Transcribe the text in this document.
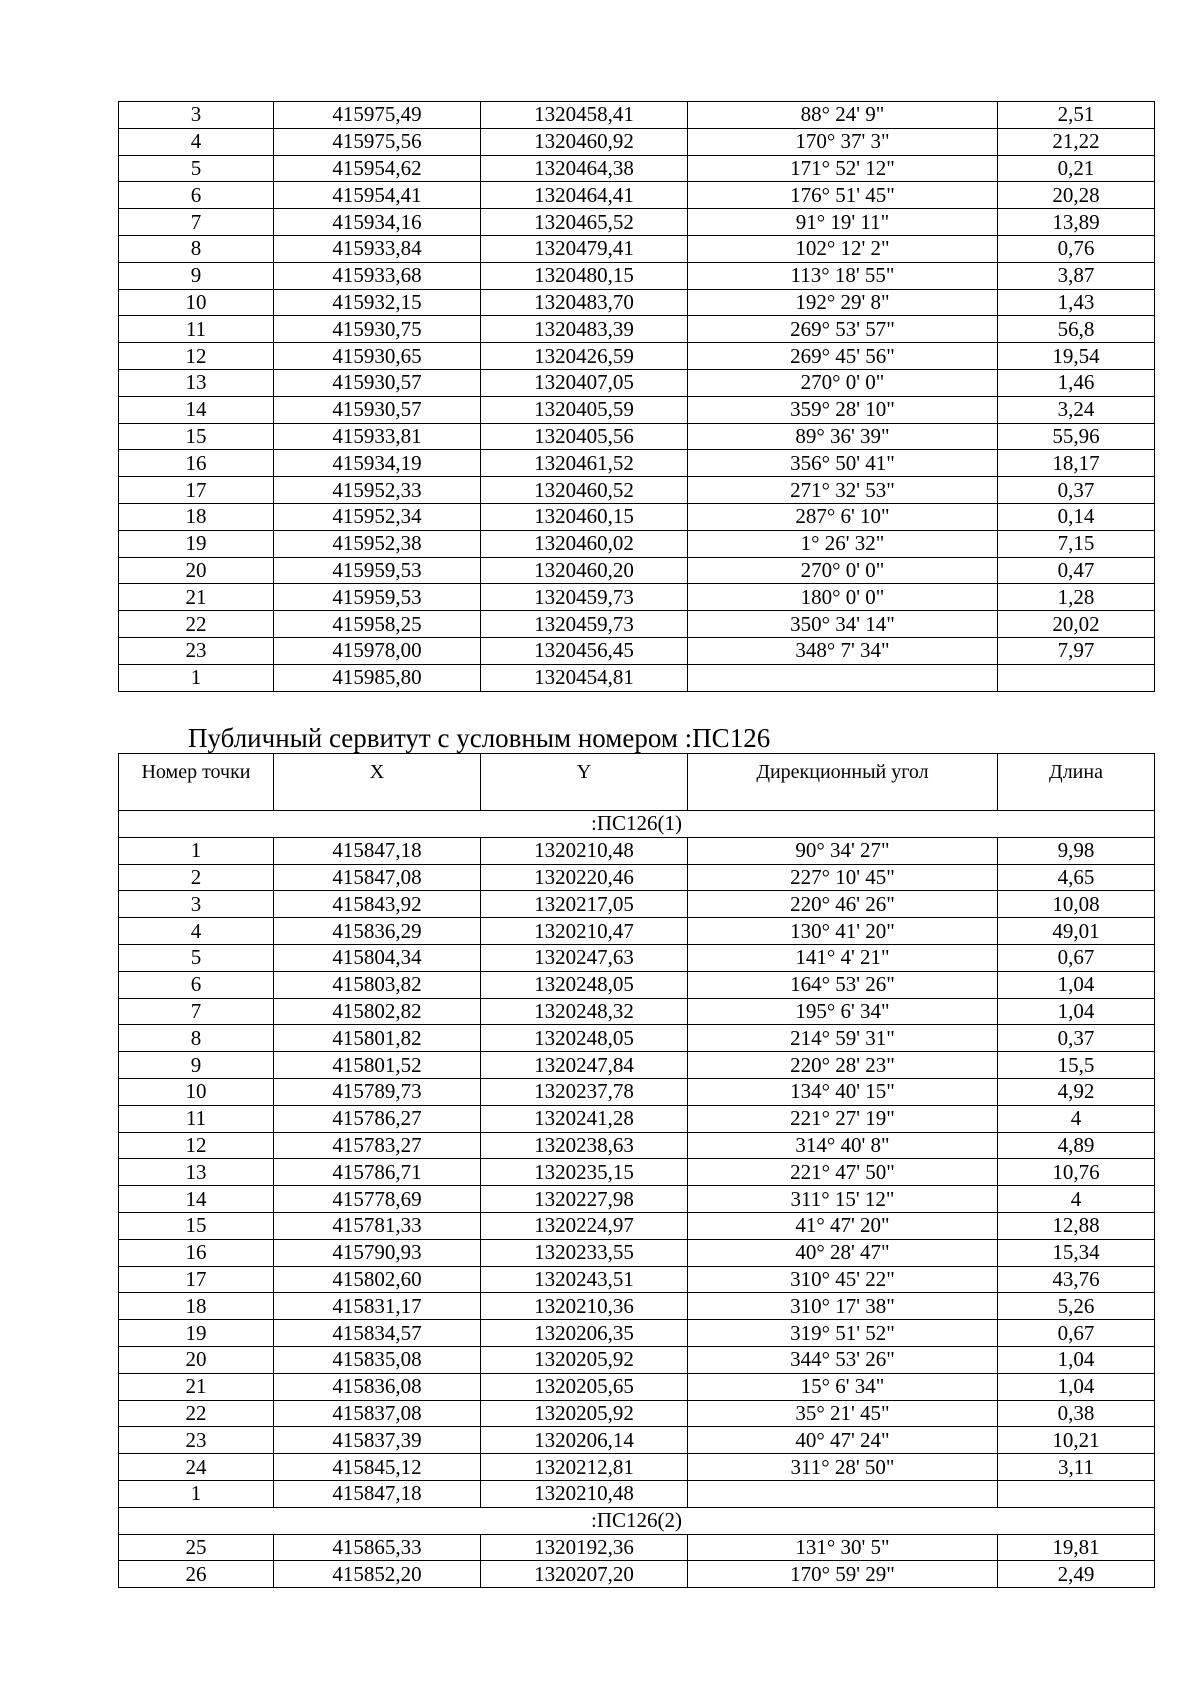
3	415975,49	1320458,41	88° 24' 9"	2,51
4	415975,56	1320460,92	170° 37' 3"	21,22
5	415954,62	1320464,38	171° 52' 12"	0,21
6	415954,41	1320464,41	176° 51' 45"	20,28
7	415934,16	1320465,52	91° 19' 11"	13,89
8	415933,84	1320479,41	102° 12' 2"	0,76
9	415933,68	1320480,15	113° 18' 55"	3,87
10	415932,15	1320483,70	192° 29' 8"	1,43
11	415930,75	1320483,39	269° 53' 57"	56,8
12	415930,65	1320426,59	269° 45' 56"	19,54
13	415930,57	1320407,05	270° 0' 0"	1,46
14	415930,57	1320405,59	359° 28' 10"	3,24
15	415933,81	1320405,56	89° 36' 39"	55,96
16	415934,19	1320461,52	356° 50' 41"	18,17
17	415952,33	1320460,52	271° 32' 53"	0,37
18	415952,34	1320460,15	287° 6' 10"	0,14
19	415952,38	1320460,02	1° 26' 32"	7,15
20	415959,53	1320460,20	270° 0' 0"	0,47
21	415959,53	1320459,73	180° 0' 0"	1,28
22	415958,25	1320459,73	350° 34' 14"	20,02
23	415978,00	1320456,45	348° 7' 34"	7,97
1	415985,80	1320454,81		
Публичный сервитут с условным номером :ПС126
Номер точки	X	Y	Дирекционный угол	Длина
:ПС126(1)				
1	415847,18	1320210,48	90° 34' 27"	9,98
2	415847,08	1320220,46	227° 10' 45"	4,65
3	415843,92	1320217,05	220° 46' 26"	10,08
4	415836,29	1320210,47	130° 41' 20"	49,01
5	415804,34	1320247,63	141° 4' 21"	0,67
6	415803,82	1320248,05	164° 53' 26"	1,04
7	415802,82	1320248,32	195° 6' 34"	1,04
8	415801,82	1320248,05	214° 59' 31"	0,37
9	415801,52	1320247,84	220° 28' 23"	15,5
10	415789,73	1320237,78	134° 40' 15"	4,92
11	415786,27	1320241,28	221° 27' 19"	4
12	415783,27	1320238,63	314° 40' 8"	4,89
13	415786,71	1320235,15	221° 47' 50"	10,76
14	415778,69	1320227,98	311° 15' 12"	4
15	415781,33	1320224,97	41° 47' 20"	12,88
16	415790,93	1320233,55	40° 28' 47"	15,34
17	415802,60	1320243,51	310° 45' 22"	43,76
18	415831,17	1320210,36	310° 17' 38"	5,26
19	415834,57	1320206,35	319° 51' 52"	0,67
20	415835,08	1320205,92	344° 53' 26"	1,04
21	415836,08	1320205,65	15° 6' 34"	1,04
22	415837,08	1320205,92	35° 21' 45"	0,38
23	415837,39	1320206,14	40° 47' 24"	10,21
24	415845,12	1320212,81	311° 28' 50"	3,11
1	415847,18	1320210,48		
:ПС126(2)				
25	415865,33	1320192,36	131° 30' 5"	19,81
26	415852,20	1320207,20	170° 59' 29"	2,49
